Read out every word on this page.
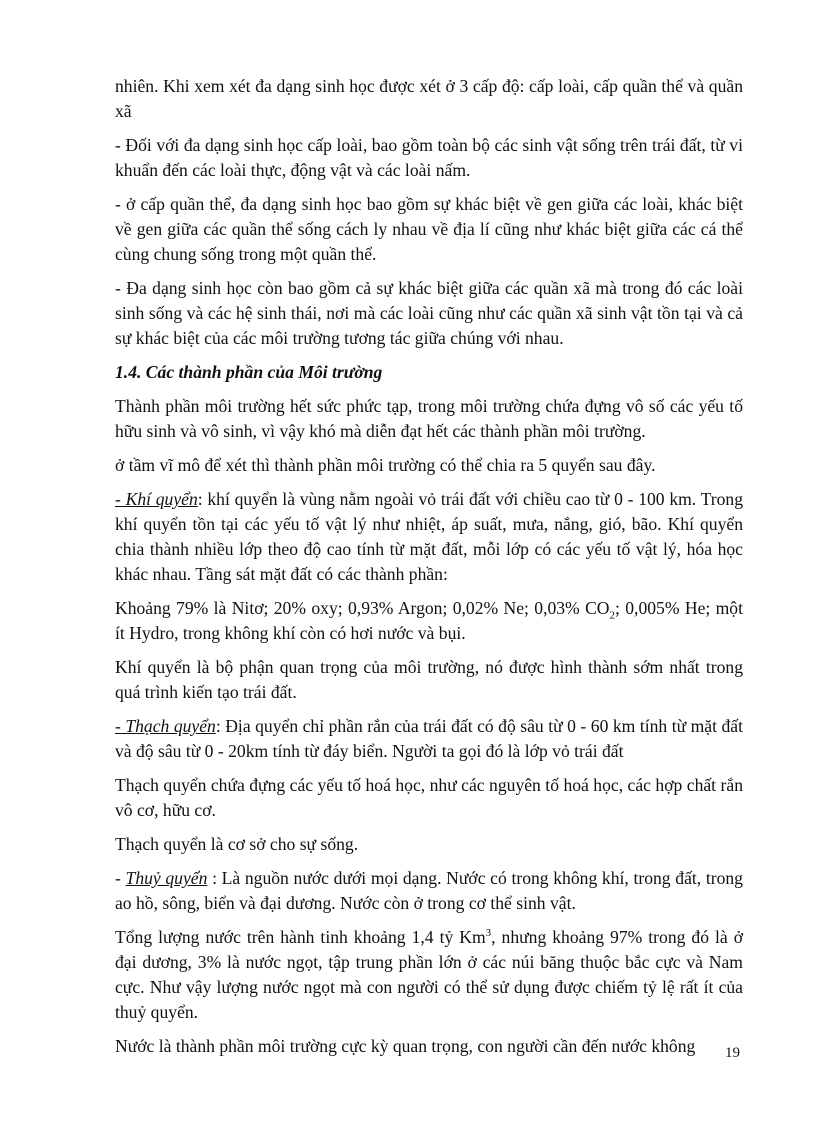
nhiên. Khi xem xét đa dạng sinh học được xét ở 3 cấp độ: cấp loài, cấp quần thể và quần xã

- Đối với đa dạng sinh học cấp loài, bao gồm toàn bộ các sinh vật sống trên trái đất, từ vi khuẩn đến các loài thực, động vật và các loài nấm.

- ở cấp quần thể, đa dạng sinh học bao gồm sự khác biệt về gen giữa các loài, khác biệt về gen giữa các quần thể sống cách ly nhau về địa lí cũng như khác biệt giữa các cá thể cùng chung sống trong một quần thể.

- Đa dạng sinh học còn bao gồm cả sự khác biệt giữa các quần xã mà trong đó các loài sinh sống và các hệ sinh thái, nơi mà các loài cũng như các quần xã sinh vật tồn tại và cả sự khác biệt của các môi trường tương tác giữa chúng với nhau.

1.4. Các thành phần của Môi trường

Thành phần môi trường hết sức phức tạp, trong môi trường chứa đựng vô số các yếu tố hữu sinh và vô sinh, vì vậy khó mà diễn đạt hết các thành phần môi trường.

ở tầm vĩ mô để xét thì thành phần môi trường có thể chia ra 5 quyển sau đây.

- Khí quyển: khí quyển là vùng nằm ngoài vỏ trái đất với chiều cao từ 0 - 100 km. Trong khí quyển tồn tại các yếu tố vật lý như nhiệt, áp suất, mưa, nắng, gió, bão. Khí quyển chia thành nhiều lớp theo độ cao tính từ mặt đất, mỗi lớp có các yếu tố vật lý, hóa học khác nhau. Tầng sát mặt đất có các thành phần:

Khoảng 79% là Nitơ; 20% oxy; 0,93% Argon; 0,02% Ne; 0,03% $CO_2$; 0,005% He; một ít Hydro, trong không khí còn có hơi nước và bụi.

Khí quyển là bộ phận quan trọng của môi trường, nó được hình thành sớm nhất trong quá trình kiến tạo trái đất.

- Thạch quyển: Địa quyển chỉ phần rắn của trái đất có độ sâu từ 0 - 60 km tính từ mặt đất và độ sâu từ 0 - 20km tính từ đáy biển. Người ta gọi đó là lớp vỏ trái đất

Thạch quyển chứa đựng các yếu tố hoá học, như các nguyên tố hoá học, các hợp chất rắn vô cơ, hữu cơ.

Thạch quyển là cơ sở cho sự sống.

- Thuỷ quyển : Là nguồn nước dưới mọi dạng. Nước có trong không khí, trong đất, trong ao hồ, sông, biển và đại dương. Nước còn ở trong cơ thể sinh vật.

Tổng lượng nước trên hành tinh khoảng 1,4 tỷ Km$^3$, nhưng khoảng 97% trong đó là ở đại dương, 3% là nước ngọt, tập trung phần lớn ở các núi băng thuộc bắc cực và Nam cực. Như vậy lượng nước ngọt mà con người có thể sử dụng được chiếm tỷ lệ rất ít của thuỷ quyển.

Nước là thành phần môi trường cực kỳ quan trọng, con người cần đến nước không	19
